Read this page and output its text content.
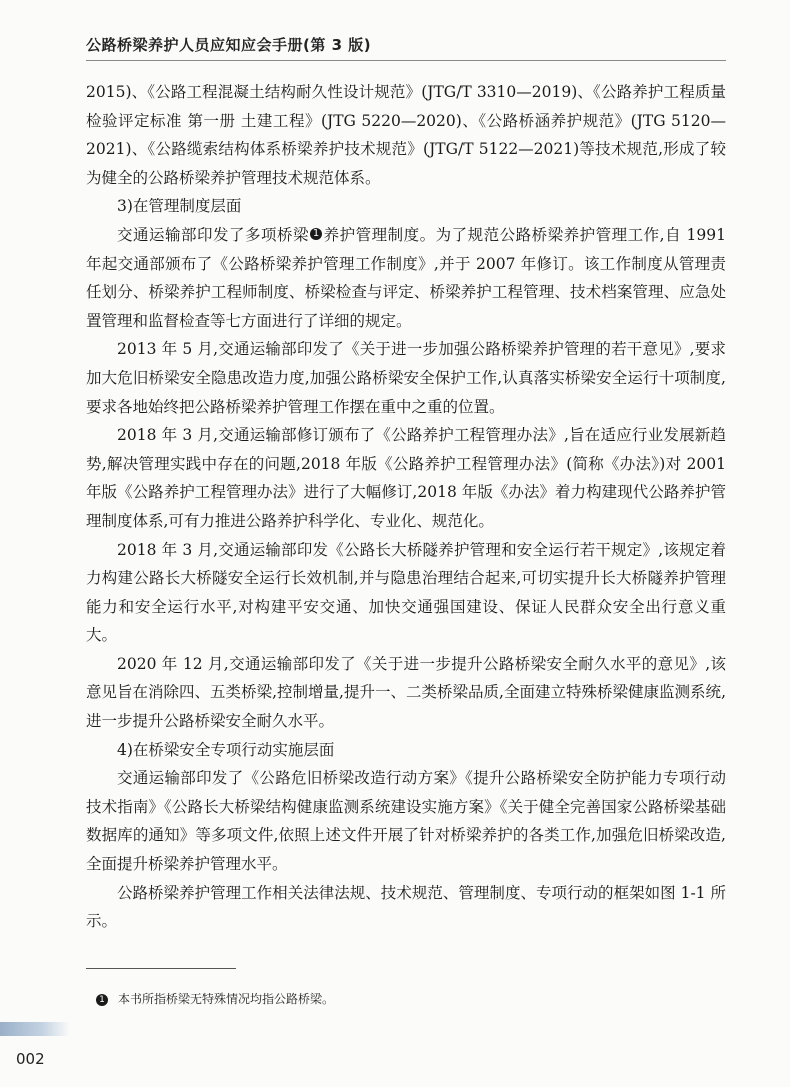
公路桥梁养护人员应知应会手册(第 3 版)

2015)、《公路工程混凝土结构耐久性设计规范》(JTG/T 3310—2019)、《公路养护工程质量检验评定标准 第一册 土建工程》(JTG 5220—2020)、《公路桥涵养护规范》(JTG 5120—2021)、《公路缆索结构体系桥梁养护技术规范》(JTG/T 5122—2021)等技术规范,形成了较为健全的公路桥梁养护管理技术规范体系。

3)在管理制度层面

交通运输部印发了多项桥梁 $^1$ 养护管理制度。为了规范公路桥梁养护管理工作,自 1991 年起交通部颁布了《公路桥梁养护管理工作制度》,并于 2007 年修订。该工作制度从管理责任划分、桥梁养护工程师制度、桥梁检查与评定、桥梁养护工程管理、技术档案管理、应急处置管理和监督检查等七方面进行了详细的规定。

2013 年 5 月,交通运输部印发了《关于进一步加强公路桥梁养护管理的若干意见》,要求加大危旧桥梁安全隐患改造力度,加强公路桥梁安全保护工作,认真落实桥梁安全运行十项制度,要求各地始终把公路桥梁养护管理工作摆在重中之重的位置。

2018 年 3 月,交通运输部修订颁布了《公路养护工程管理办法》,旨在适应行业发展新趋势,解决管理实践中存在的问题,2018 年版《公路养护工程管理办法》(简称《办法》)对 2001 年版《公路养护工程管理办法》进行了大幅修订,2018 年版《办法》着力构建现代公路养护管理制度体系,可有力推进公路养护科学化、专业化、规范化。

2018 年 3 月,交通运输部印发《公路长大桥隧养护管理和安全运行若干规定》,该规定着力构建公路长大桥隧安全运行长效机制,并与隐患治理结合起来,可切实提升长大桥隧养护管理能力和安全运行水平,对构建平安交通、加快交通强国建设、保证人民群众安全出行意义重大。

2020 年 12 月,交通运输部印发了《关于进一步提升公路桥梁安全耐久水平的意见》,该意见旨在消除四、五类桥梁,控制增量,提升一、二类桥梁品质,全面建立特殊桥梁健康监测系统,进一步提升公路桥梁安全耐久水平。

4)在桥梁安全专项行动实施层面

交通运输部印发了《公路危旧桥梁改造行动方案》《提升公路桥梁安全防护能力专项行动技术指南》《公路长大桥梁结构健康监测系统建设实施方案》《关于健全完善国家公路桥梁基础数据库的通知》等多项文件,依照上述文件开展了针对桥梁养护的各类工作,加强危旧桥梁改造,全面提升桥梁养护管理水平。

公路桥梁养护管理工作相关法律法规、技术规范、管理制度、专项行动的框架如图 1-1 所示。

1 本书所指桥梁无特殊情况均指公路桥梁。
002
